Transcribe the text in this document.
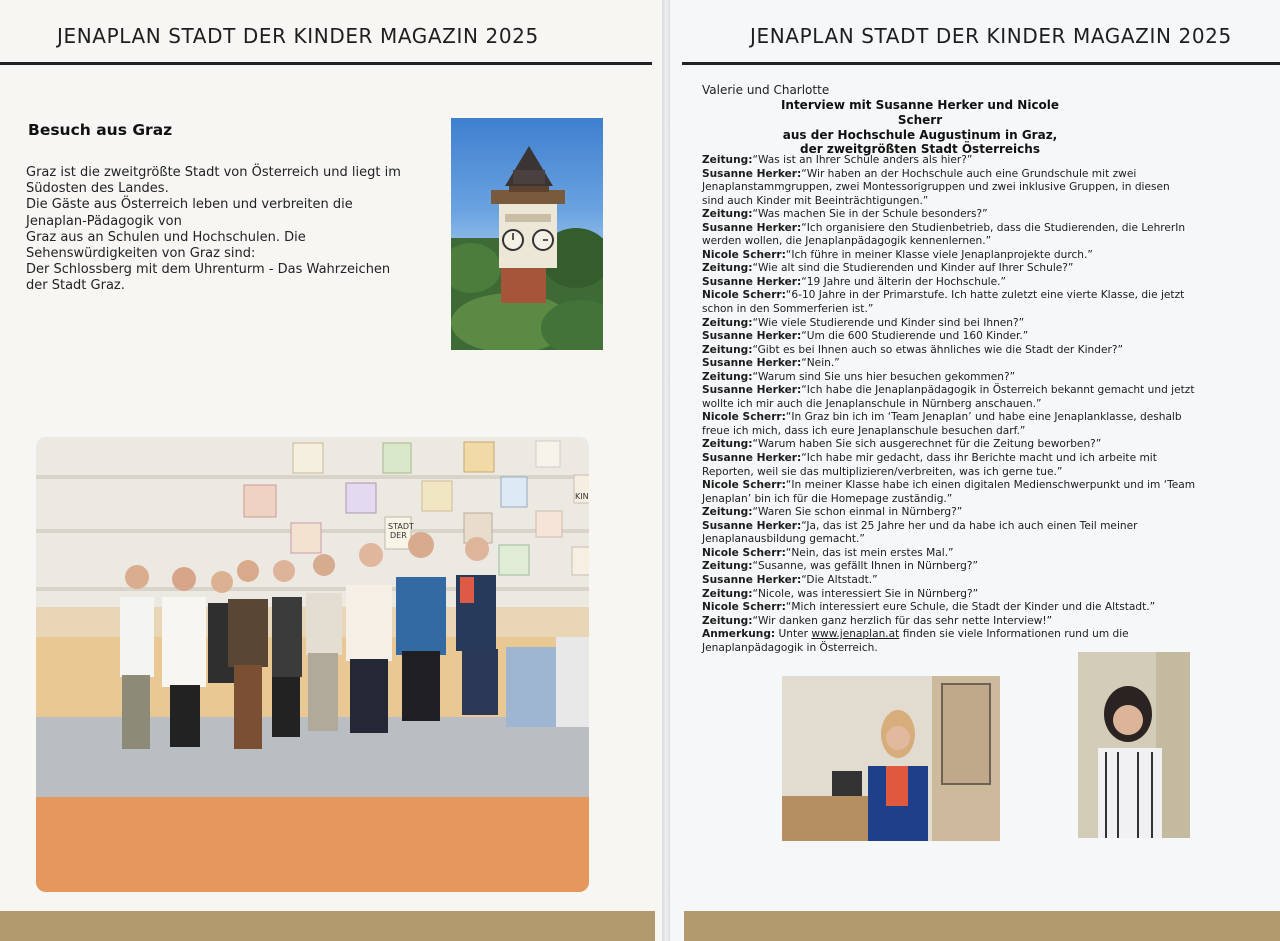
JENAPLAN STADT DER KINDER MAGAZIN 2025
Besuch aus Graz
Graz ist die zweitgrößte Stadt von Österreich und liegt im
Südosten des Landes.
Die Gäste aus Österreich leben und verbreiten die
Jenaplan-Pädagogik von
Graz aus an Schulen und Hochschulen. Die
Sehenswürdigkeiten von Graz sind:
Der Schlossberg mit dem Uhrenturm - Das Wahrzeichen
der Stadt Graz.
STADT
DER
KIN
JENAPLAN STADT DER KINDER MAGAZIN 2025
Valerie und Charlotte
Interview mit Susanne Herker und Nicole Scherr
aus der Hochschule Augustinum in Graz,
der zweitgrößten Stadt Österreichs
Zeitung:“Was ist an Ihrer Schule anders als hier?”
Susanne Herker:“Wir haben an der Hochschule auch eine Grundschule mit zwei
Jenaplanstammgruppen, zwei Montessorigruppen und zwei inklusive Gruppen, in diesen
sind auch Kinder mit Beeinträchtigungen.”
Zeitung:“Was machen Sie in der Schule besonders?”
Susanne Herker:“Ich organisiere den Studienbetrieb, dass die Studierenden, die LehrerIn
werden wollen, die Jenaplanpädagogik kennenlernen.”
Nicole Scherr:“Ich führe in meiner Klasse viele Jenaplanprojekte durch.”
Zeitung:“Wie alt sind die Studierenden und Kinder auf Ihrer Schule?”
Susanne Herker:“19 Jahre und älterin der Hochschule.”
Nicole Scherr:“6-10 Jahre in der Primarstufe. Ich hatte zuletzt eine vierte Klasse, die jetzt
schon in den Sommerferien ist.”
Zeitung:“Wie viele Studierende und Kinder sind bei Ihnen?”
Susanne Herker:“Um die 600 Studierende und 160 Kinder.”
Zeitung:“Gibt es bei Ihnen auch so etwas ähnliches wie die Stadt der Kinder?”
Susanne Herker:“Nein.”
Zeitung:“Warum sind Sie uns hier besuchen gekommen?”
Susanne Herker:“Ich habe die Jenaplanpädagogik in Österreich bekannt gemacht und jetzt
wollte ich mir auch die Jenaplanschule in Nürnberg anschauen.”
Nicole Scherr:“In Graz bin ich im ‘Team Jenaplan’ und habe eine Jenaplanklasse, deshalb
freue ich mich, dass ich eure Jenaplanschule besuchen darf.”
Zeitung:“Warum haben Sie sich ausgerechnet für die Zeitung beworben?”
Susanne Herker:“Ich habe mir gedacht, dass ihr Berichte macht und ich arbeite mit
Reporten, weil sie das multiplizieren/verbreiten, was ich gerne tue.”
Nicole Scherr:“In meiner Klasse habe ich einen digitalen Medienschwerpunkt und im ‘Team
Jenaplan’ bin ich für die Homepage zuständig.”
Zeitung:“Waren Sie schon einmal in Nürnberg?”
Susanne Herker:“Ja, das ist 25 Jahre her und da habe ich auch einen Teil meiner
Jenaplanausbildung gemacht.”
Nicole Scherr:“Nein, das ist mein erstes Mal.”
Zeitung:“Susanne, was gefällt Ihnen in Nürnberg?”
Susanne Herker:“Die Altstadt.”
Zeitung:“Nicole, was interessiert Sie in Nürnberg?”
Nicole Scherr:“Mich interessiert eure Schule, die Stadt der Kinder und die Altstadt.”
Zeitung:“Wir danken ganz herzlich für das sehr nette Interview!”
Anmerkung: Unter www.jenaplan.at finden sie viele Informationen rund um die
Jenaplanpädagogik in Österreich.
